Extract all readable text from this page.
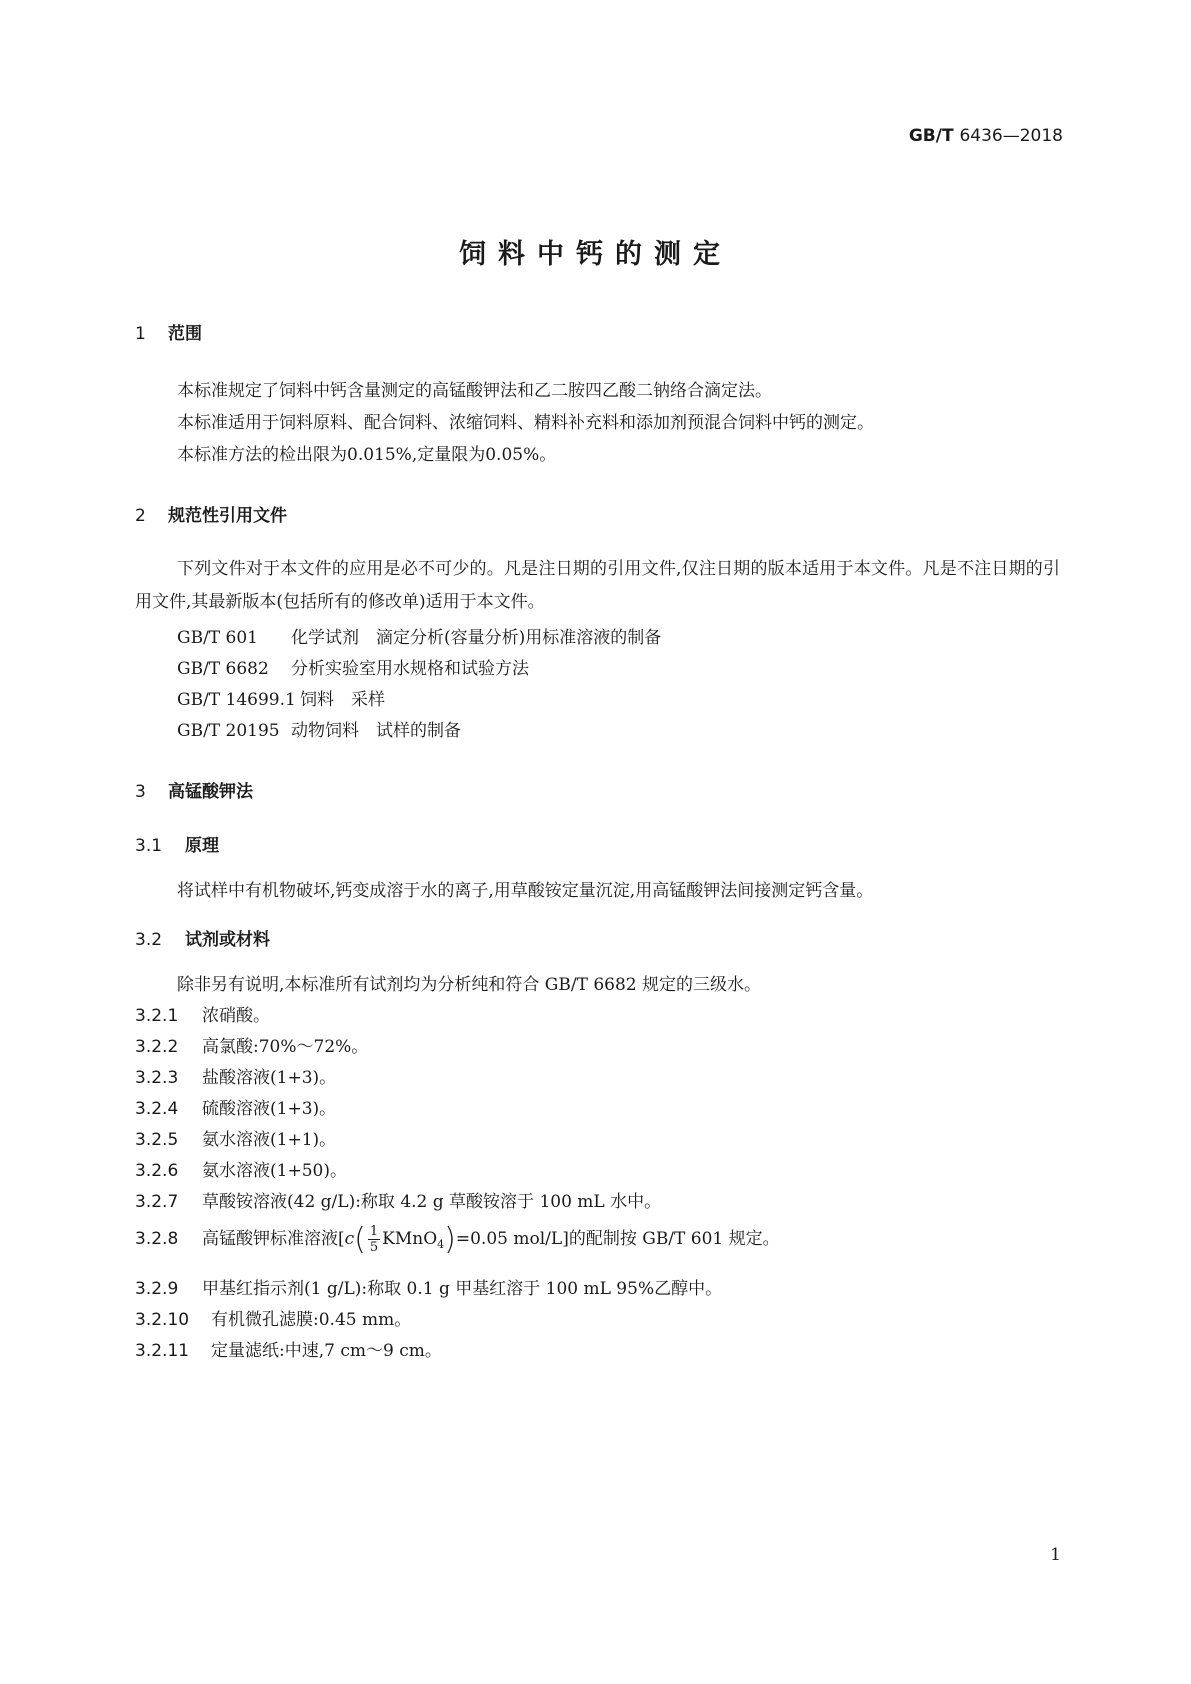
GB/T 6436—2018
饲料中钙的测定
1 范围
本标准规定了饲料中钙含量测定的高锰酸钾法和乙二胺四乙酸二钠络合滴定法。
本标准适用于饲料原料、配合饲料、浓缩饲料、精料补充料和添加剂预混合饲料中钙的测定。
本标准方法的检出限为0.015%,定量限为0.05%。
2 规范性引用文件
下列文件对于本文件的应用是必不可少的。凡是注日期的引用文件,仅注日期的版本适用于本文件。凡是不注日期的引用文件,其最新版本(包括所有的修改单)适用于本文件。
GB/T 601 化学试剂　滴定分析(容量分析)用标准溶液的制备
GB/T 6682 分析实验室用水规格和试验方法
GB/T 14699.1 饲料　采样
GB/T 20195 动物饲料　试样的制备
3 高锰酸钾法
3.1 原理
将试样中有机物破坏,钙变成溶于水的离子,用草酸铵定量沉淀,用高锰酸钾法间接测定钙含量。
3.2 试剂或材料
除非另有说明,本标准所有试剂均为分析纯和符合 GB/T 6682 规定的三级水。
3.2.1 浓硝酸。
3.2.2 高氯酸:70%～72%。
3.2.3 盐酸溶液(1+3)。
3.2.4 硫酸溶液(1+3)。
3.2.5 氨水溶液(1+1)。
3.2.6 氨水溶液(1+50)。
3.2.7 草酸铵溶液(42 g/L):称取 4.2 g 草酸铵溶于 100 mL 水中。
3.2.8 高锰酸钾标准溶液[$c( \frac{1}{5}$ KMnO$_4$)=0.05 mol/L]的配制按 GB/T 601 规定。
3.2.9 甲基红指示剂(1 g/L):称取 0.1 g 甲基红溶于 100 mL 95%乙醇中。
3.2.10 有机微孔滤膜:0.45 mm。
3.2.11 定量滤纸:中速,7 cm～9 cm。
1
